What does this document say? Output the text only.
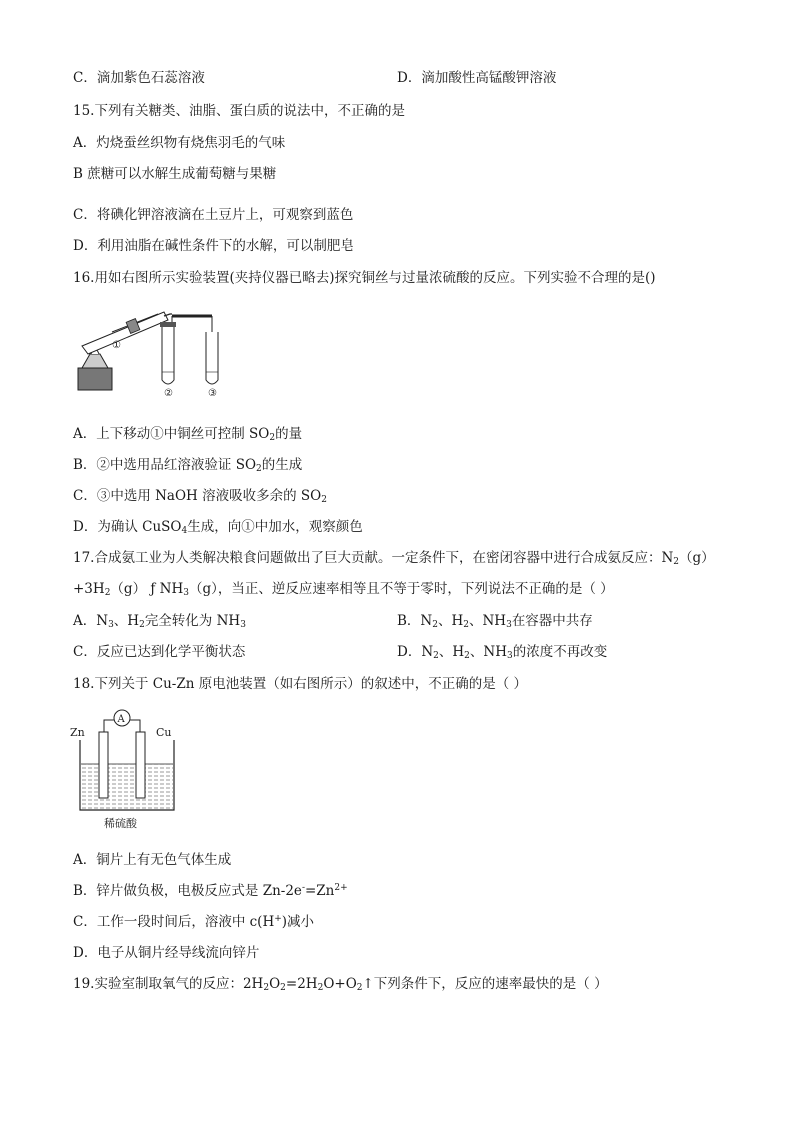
C．滴加紫色石蕊溶液	D．滴加酸性高锰酸钾溶液
15.下列有关糖类、油脂、蛋白质的说法中，不正确的是
A．灼烧蚕丝织物有烧焦羽毛的气味
B 蔗糖可以水解生成葡萄糖与果糖
C．将碘化钾溶液滴在土豆片上，可观察到蓝色
D．利用油脂在碱性条件下的水解，可以制肥皂
16.用如右图所示实验装置(夹持仪器已略去)探究铜丝与过量浓硫酸的反应。下列实验不合理的是()
①
②	③
A．上下移动①中铜丝可控制 $SO_2$的量
B．②中选用品红溶液验证 $SO_2$的生成
C．③中选用 NaOH 溶液吸收多余的 $SO_2$
D．为确认 CuSO$_4$生成，向①中加水，观察颜色
17.合成氨工业为人类解决粮食问题做出了巨大贡献。一定条件下，在密闭容器中进行合成氨反应：$N_2(g)$
$+3H_2(g)$ ƒ $NH_3(g)$，当正、逆反应速率相等且不等于零时，下列说法不正确的是（ ）
A．$N_3$、$H_2$完全转化为 $NH_3$	B．$N_2$、$H_2$、$NH_3$在容器中共存
C．反应已达到化学平衡状态	D．$N_2$、$H_2$、$NH_3$的浓度不再改变
18.下列关于 Cu-Zn 原电池装置（如右图所示）的叙述中，不正确的是（ ）
A
Zn	Cu
稀硫酸
A．铜片上有无色气体生成
B．锌片做负极，电极反应式是 $Zn-2e^-=Zn^{2+}$
C．工作一段时间后，溶液中 c(H+)减小
D．电子从铜片经导线流向锌片
19.实验室制取氧气的反应：$2H_2O_2=2H_2O+O_2↑$下列条件下，反应的速率最快的是（ ）
